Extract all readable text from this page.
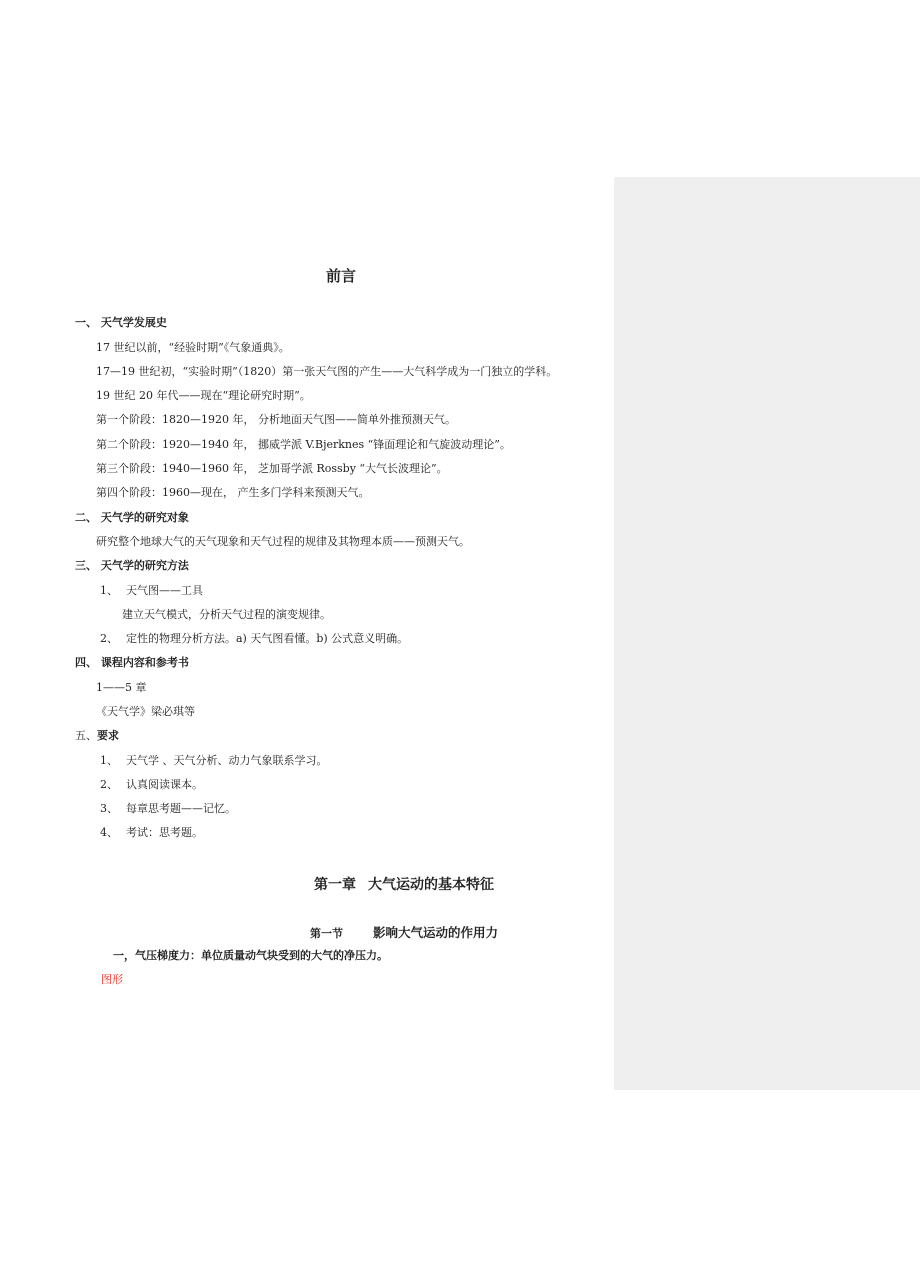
前言
一、 天气学发展史
17 世纪以前，“经验时期”《气象通典》。
17—19 世纪初，“实验时期”（1820）第一张天气图的产生——大气科学成为一门独立的学科。
19 世纪 20 年代——现在“理论研究时期”。
第一个阶段：1820—1920 年， 分析地面天气图——简单外推预测天气。
第二个阶段：1920—1940 年， 挪威学派 V.Bjerknes “锋面理论和气旋波动理论”。
第三个阶段：1940—1960 年， 芝加哥学派 Rossby “大气长波理论”。
第四个阶段：1960—现在， 产生多门学科来预测天气。
二、 天气学的研究对象
研究整个地球大气的天气现象和天气过程的规律及其物理本质——预测天气。
三、 天气学的研究方法
1、 天气图——工具
建立天气模式，分析天气过程的演变规律。
2、 定性的物理分析方法。a) 天气图看懂。b) 公式意义明确。
四、 课程内容和参考书
1——5 章
《天气学》梁必琪等
五、要求
1、 天气学 、天气分析、动力气象联系学习。
2、 认真阅读课本。
3、 每章思考题——记忆。
4、 考试：思考题。
第一章 大气运动的基本特征
第一节 影响大气运动的作用力
一，气压梯度力：单位质量动气块受到的大气的净压力。
图形
